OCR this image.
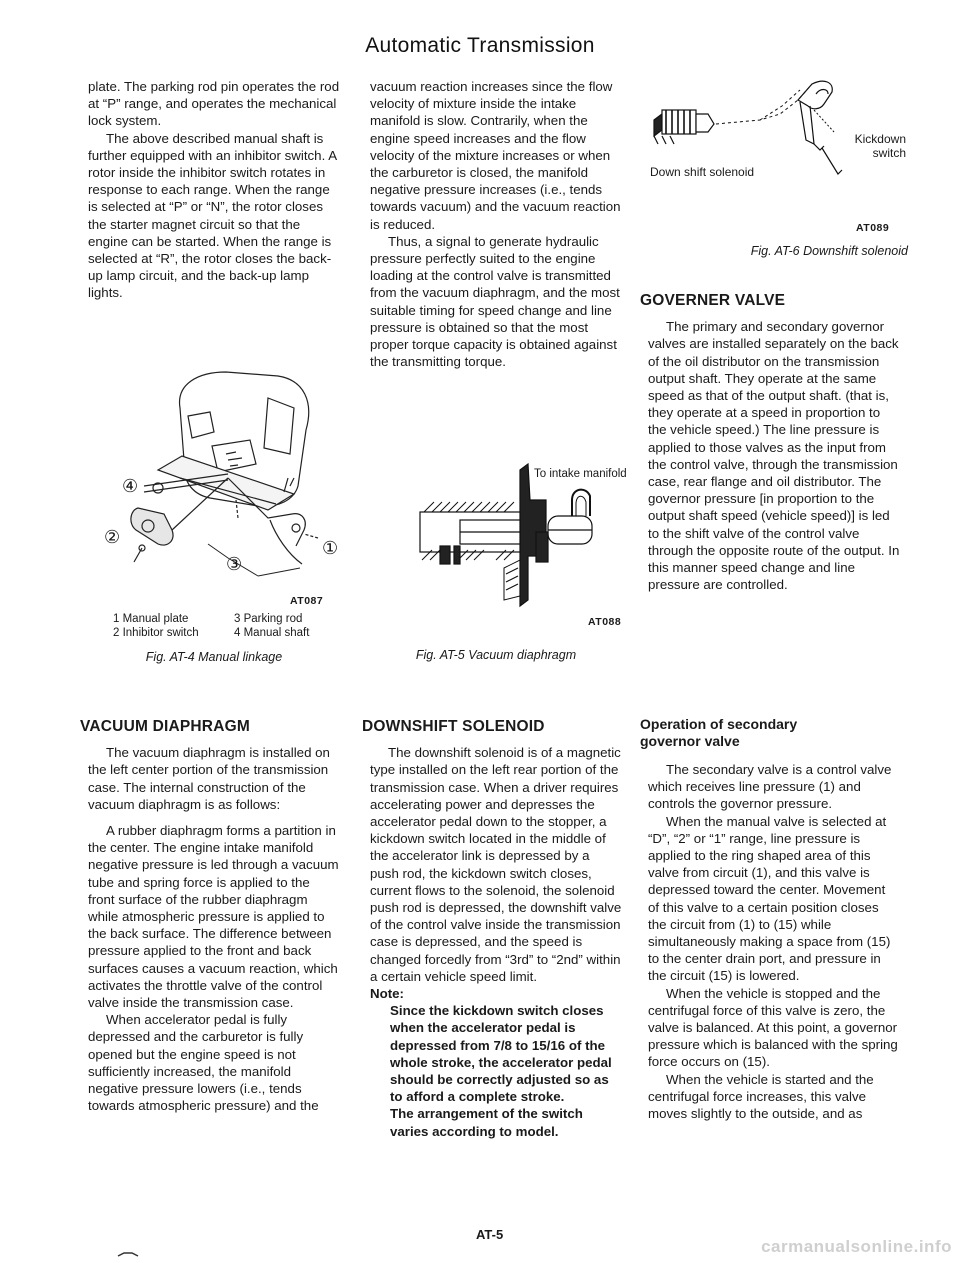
Automatic Transmission

plate. The parking rod pin operates the rod at “P” range, and operates the mechanical lock system.

The above described manual shaft is further equipped with an inhibitor switch. A rotor inside the inhibitor switch rotates in response to each range. When the range is selected at “P” or “N”, the rotor closes the starter magnet circuit so that the engine can be started. When the range is selected at “R”, the rotor closes the back-up lamp circuit, and the back-up lamp lights.

④
②
③
①
AT087
1 Manual plate
2 Inhibitor switch
3 Parking rod
4 Manual shaft
Fig. AT-4 Manual linkage
VACUUM DIAPHRAGM

The vacuum diaphragm is installed on the left center portion of the transmission case. The internal construction of the vacuum diaphragm is as follows:

A rubber diaphragm forms a partition in the center. The engine intake manifold negative pressure is led through a vacuum tube and spring force is applied to the front surface of the rubber diaphragm while atmospheric pressure is applied to the back surface. The difference between pressure applied to the front and back surfaces causes a vacuum reaction, which activates the throttle valve of the control valve inside the transmission case.

When accelerator pedal is fully depressed and the carburetor is fully opened but the engine speed is not sufficiently increased, the manifold negative pressure lowers (i.e., tends towards atmospheric pressure) and the

vacuum reaction increases since the flow velocity of mixture inside the intake manifold is slow. Contrarily, when the engine speed increases and the flow velocity of the mixture increases or when the carburetor is closed, the manifold negative pressure increases (i.e., tends towards vacuum) and the vacuum reaction is reduced.

Thus, a signal to generate hydraulic pressure perfectly suited to the engine loading at the control valve is transmitted from the vacuum diaphragm, and the most suitable timing for speed change and line pressure is obtained so that the most proper torque capacity is obtained against the transmitting torque.

To intake manifold
AT088
Fig. AT-5 Vacuum diaphragm
DOWNSHIFT SOLENOID

The downshift solenoid is of a magnetic type installed on the left rear portion of the transmission case. When a driver requires accelerating power and depresses the accelerator pedal down to the stopper, a kickdown switch located in the middle of the accelerator link is depressed by a push rod, the kickdown switch closes, current flows to the solenoid, the solenoid push rod is depressed, the downshift valve of the control valve inside the transmission case is depressed, and the speed is changed forcedly from “3rd” to “2nd” within a certain vehicle speed limit.

Note:
Since the kickdown switch closes when the accelerator pedal is depressed from 7/8 to 15/16 of the whole stroke, the accelerator pedal should be correctly adjusted so as to afford a complete stroke.
The arrangement of the switch varies according to model.
AT-5
Down shift solenoid
Kickdown switch
AT089
Fig. AT-6 Downshift solenoid
GOVERNER VALVE

The primary and secondary governor valves are installed separately on the back of the oil distributor on the transmission output shaft. They operate at the same speed as that of the output shaft. (that is, they operate at a speed in proportion to the vehicle speed.) The line pressure is applied to those valves as the input from the control valve, through the transmission case, rear flange and oil distributor. The governor pressure [in proportion to the output shaft speed (vehicle speed)] is led to the shift valve of the control valve through the opposite route of the output. In this manner speed change and line pressure are controlled.

Operation of secondary governor valve

The secondary valve is a control valve which receives line pressure (1) and controls the governor pressure.

When the manual valve is selected at “D”, “2” or “1” range, line pressure is applied to the ring shaped area of this valve from circuit (1), and this valve is depressed toward the center. Movement of this valve to a certain position closes the circuit from (1) to (15) while simultaneously making a space from (15) to the center drain port, and pressure in the circuit (15) is lowered.

When the vehicle is stopped and the centrifugal force of this valve is zero, the valve is balanced. At this point, a governor pressure which is balanced with the spring force occurs on (15).

When the vehicle is started and the centrifugal force increases, this valve moves slightly to the outside, and as

carmanualsonline.info
